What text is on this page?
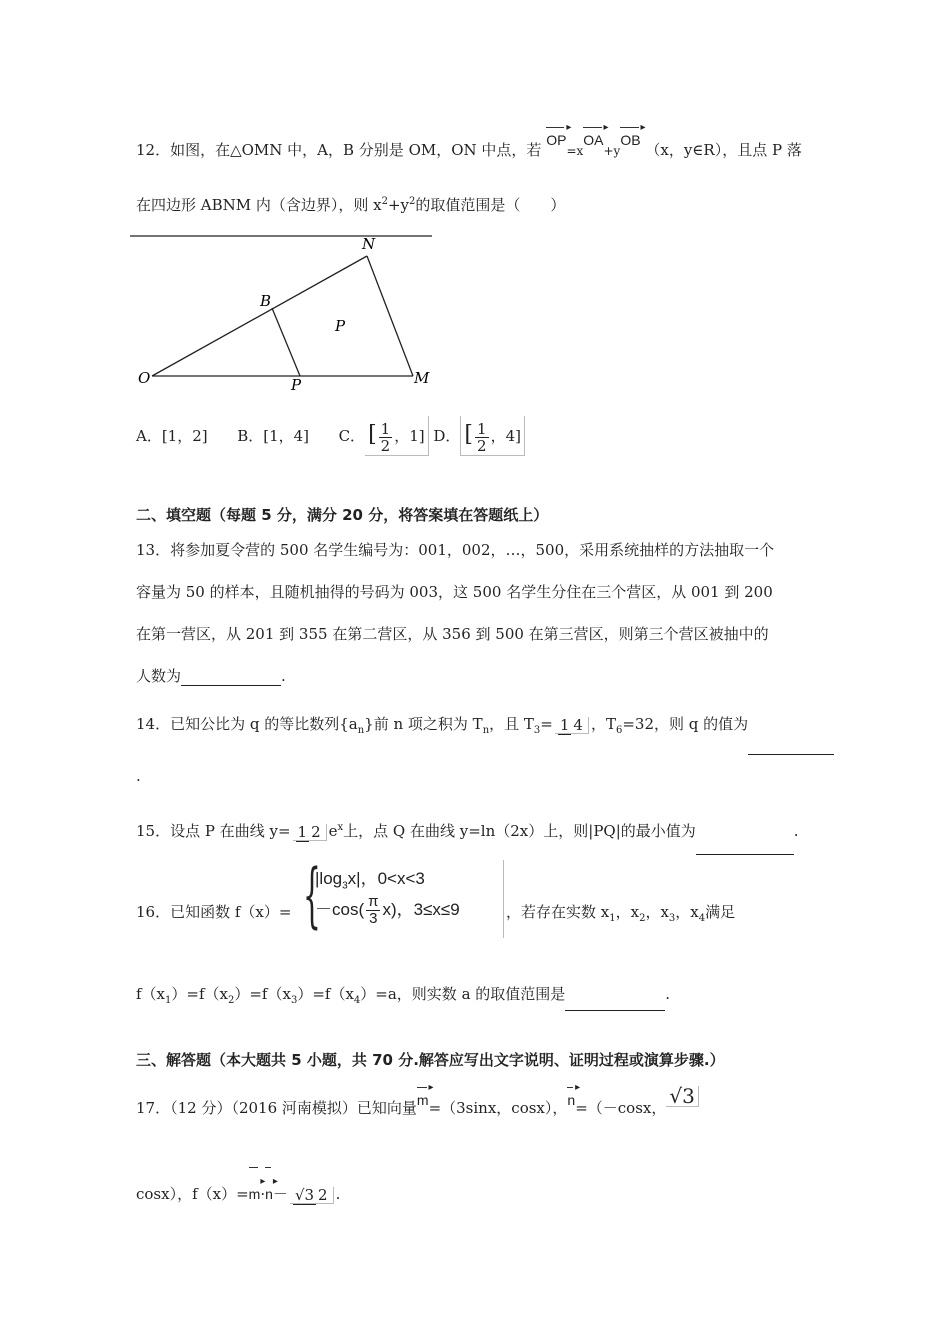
12．如图，在△OMN 中，A，B 分别是 OM，ON 中点，若 OP ▸=xOA ▸+yOB ▸ （x，y∈R），且点 P 落
在四边形 ABNM 内（含边界），则 $x^2+y^2$的取值范围是（　　）
N
B
P
O	P	M
A．[1，2] B．[1，4] C． [ $\frac{1}{2}$ ，1] D． [ $\frac{1}{2}$ ，4]
二、填空题（每题 5 分，满分 20 分，将答案填在答题纸上）
13．将参加夏令营的 500 名学生编号为：001，002，…，500，采用系统抽样的方法抽取一个
容量为 50 的样本，且随机抽得的号码为 003，这 500 名学生分住在三个营区，从 001 到 200
在第一营区，从 201 到 355 在第二营区，从 356 到 500 在第三营区，则第三个营区被抽中的
人数为	.
14．已知公比为 q 的等比数列$\{a_n\}$前 n 项之积为 $T_n$，且 $T_3= 1$ 4 ，$T_6=32$，则 q 的值为
.
15．设点 P 在曲线 y= 1 2 $e^x$上，点 Q 在曲线 y=ln（2x）上，则|PQ|的最小值为	.
16．已知函数 f（x）= {
$|\log_3x|$，0<x<3
$-\cos( \frac{\pi}{3} x)$，3≤x≤9	，若存在实数 $x_1$，$x_2$，$x_3$，$x_4$满足
$f(x_1)=f(x_2)=f(x_3)=f(x_4)=a$，则实数 a 的取值范围是	.
三、解答题（本大题共 5 小题，共 70 分.解答应写出文字说明、证明过程或演算步骤.）
17．（12 分）（2016 河南模拟）已知向量m ▸=（3sinx，cosx），n ▸=（－cosx， √3
cosx），f（x）=m ▸·n ▸－ √3 2 .
